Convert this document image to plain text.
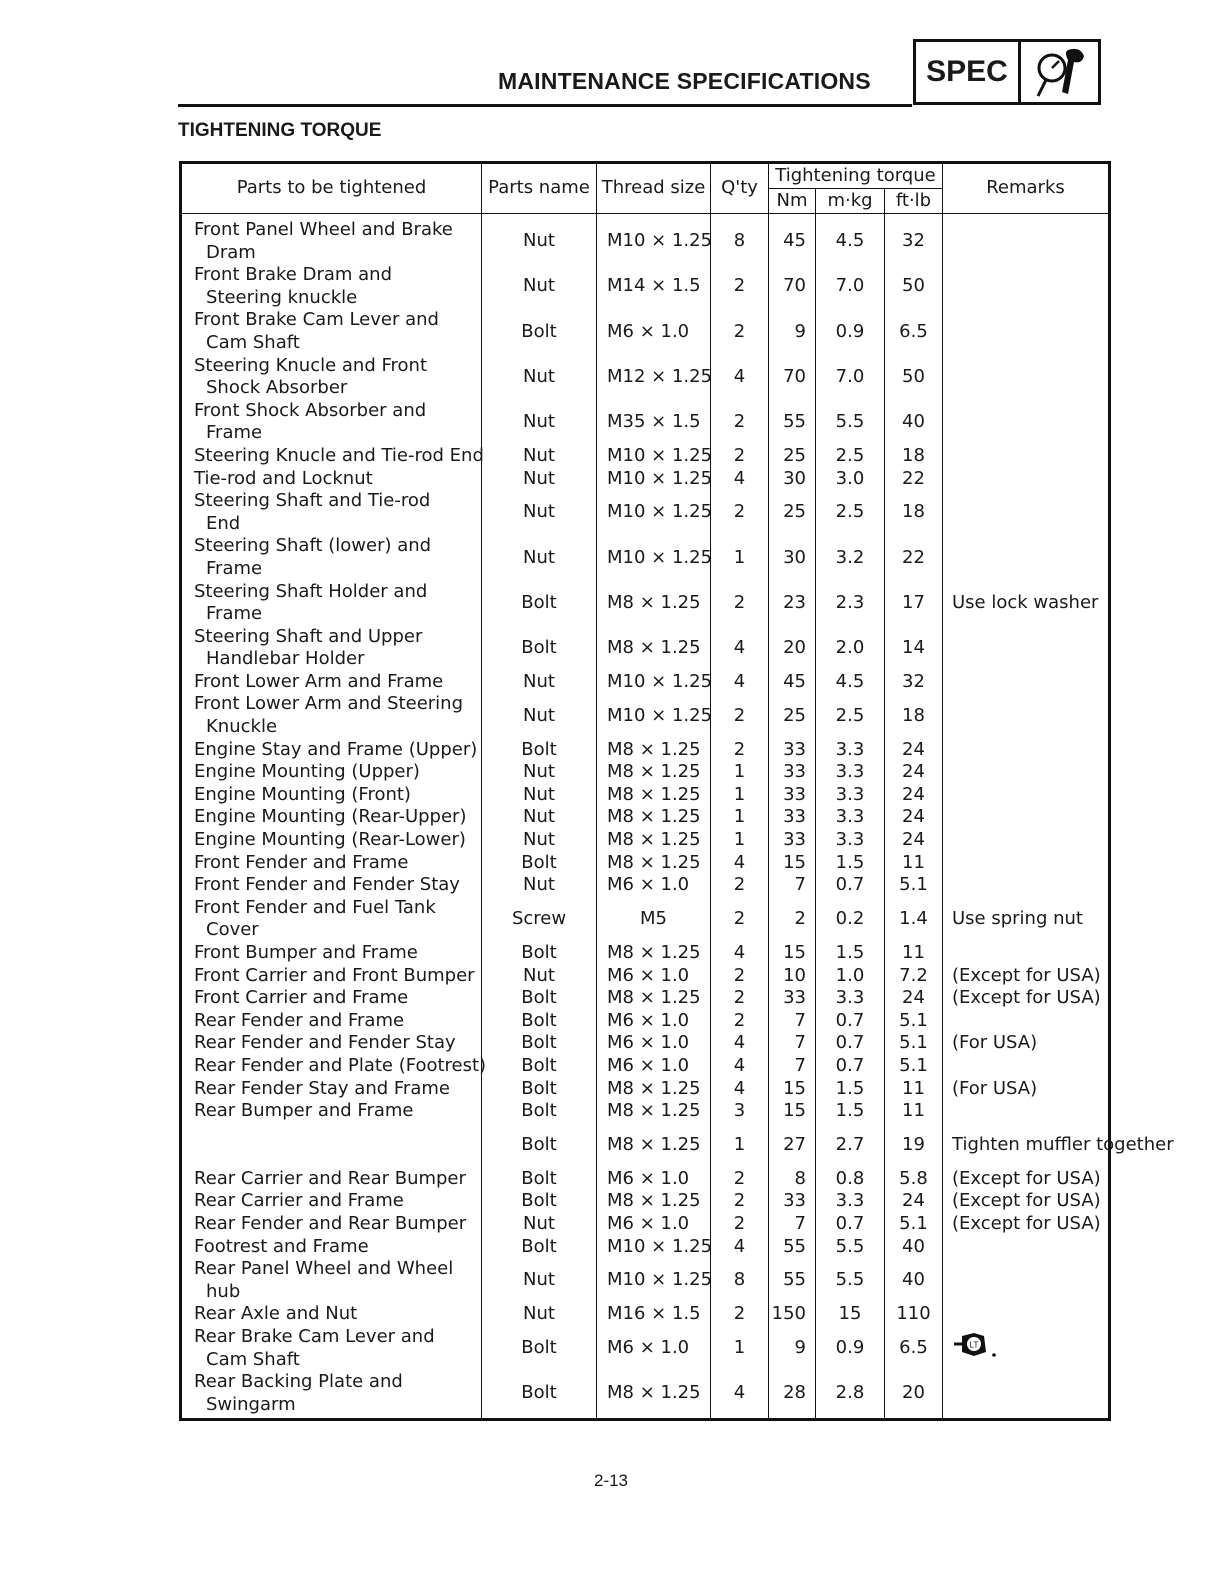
MAINTENANCE SPECIFICATIONS	SPEC
TIGHTENING TORQUE
Parts to be tightened	Parts name	Thread size	Q'ty	Tightening torque			Remarks
				Nm	m·kg	ft·lb	
Front Panel Wheel and Brake
Dram	Nut	M10 × 1.25	8	45	4.5	32	
Front Brake Dram and
Steering knuckle	Nut	M14 × 1.5	2	70	7.0	50	
Front Brake Cam Lever and
Cam Shaft	Bolt	M6 × 1.0	2	9	0.9	6.5	
Steering Knucle and Front
Shock Absorber	Nut	M12 × 1.25	4	70	7.0	50	
Front Shock Absorber and
Frame	Nut	M35 × 1.5	2	55	5.5	40	
Steering Knucle and Tie-rod End	Nut	M10 × 1.25	2	25	2.5	18	
Tie-rod and Locknut	Nut	M10 × 1.25	4	30	3.0	22	
Steering Shaft and Tie-rod
End	Nut	M10 × 1.25	2	25	2.5	18	
Steering Shaft (lower) and
Frame	Nut	M10 × 1.25	1	30	3.2	22	
Steering Shaft Holder and
Frame	Bolt	M8 × 1.25	2	23	2.3	17	Use lock washer
Steering Shaft and Upper
Handlebar Holder	Bolt	M8 × 1.25	4	20	2.0	14	
Front Lower Arm and Frame	Nut	M10 × 1.25	4	45	4.5	32	
Front Lower Arm and Steering
Knuckle	Nut	M10 × 1.25	2	25	2.5	18	
Engine Stay and Frame (Upper)	Bolt	M8 × 1.25	2	33	3.3	24	
Engine Mounting (Upper)	Nut	M8 × 1.25	1	33	3.3	24	
Engine Mounting (Front)	Nut	M8 × 1.25	1	33	3.3	24	
Engine Mounting (Rear-Upper)	Nut	M8 × 1.25	1	33	3.3	24	
Engine Mounting (Rear-Lower)	Nut	M8 × 1.25	1	33	3.3	24	
Front Fender and Frame	Bolt	M8 × 1.25	4	15	1.5	11	
Front Fender and Fender Stay	Nut	M6 × 1.0	2	7	0.7	5.1	
Front Fender and Fuel Tank
Cover	Screw	M5	2	2	0.2	1.4	Use spring nut
Front Bumper and Frame	Bolt	M8 × 1.25	4	15	1.5	11	
Front Carrier and Front Bumper	Nut	M6 × 1.0	2	10	1.0	7.2	(Except for USA)
Front Carrier and Frame	Bolt	M8 × 1.25	2	33	3.3	24	(Except for USA)
Rear Fender and Frame	Bolt	M6 × 1.0	2	7	0.7	5.1	
Rear Fender and Fender Stay	Bolt	M6 × 1.0	4	7	0.7	5.1	(For USA)
Rear Fender and Plate (Footrest)	Bolt	M6 × 1.0	4	7	0.7	5.1	
Rear Fender Stay and Frame	Bolt	M8 × 1.25	4	15	1.5	11	(For USA)
Rear Bumper and Frame	Bolt	M8 × 1.25	3	15	1.5	11	
	Bolt	M8 × 1.25	1	27	2.7	19	Tighten muffler together
Rear Carrier and Rear Bumper	Bolt	M6 × 1.0	2	8	0.8	5.8	(Except for USA)
Rear Carrier and Frame	Bolt	M8 × 1.25	2	33	3.3	24	(Except for USA)
Rear Fender and Rear Bumper	Nut	M6 × 1.0	2	7	0.7	5.1	(Except for USA)
Footrest and Frame	Bolt	M10 × 1.25	4	55	5.5	40	
Rear Panel Wheel and Wheel
hub	Nut	M10 × 1.25	8	55	5.5	40	
Rear Axle and Nut	Nut	M16 × 1.5	2	150	15	110	
Rear Brake Cam Lever and
Cam Shaft	Bolt	M6 × 1.0	1	9	0.9	6.5	LT

Rear Backing Plate and
Swingarm	Bolt	M8 × 1.25	4	28	2.8	20	
2-13
